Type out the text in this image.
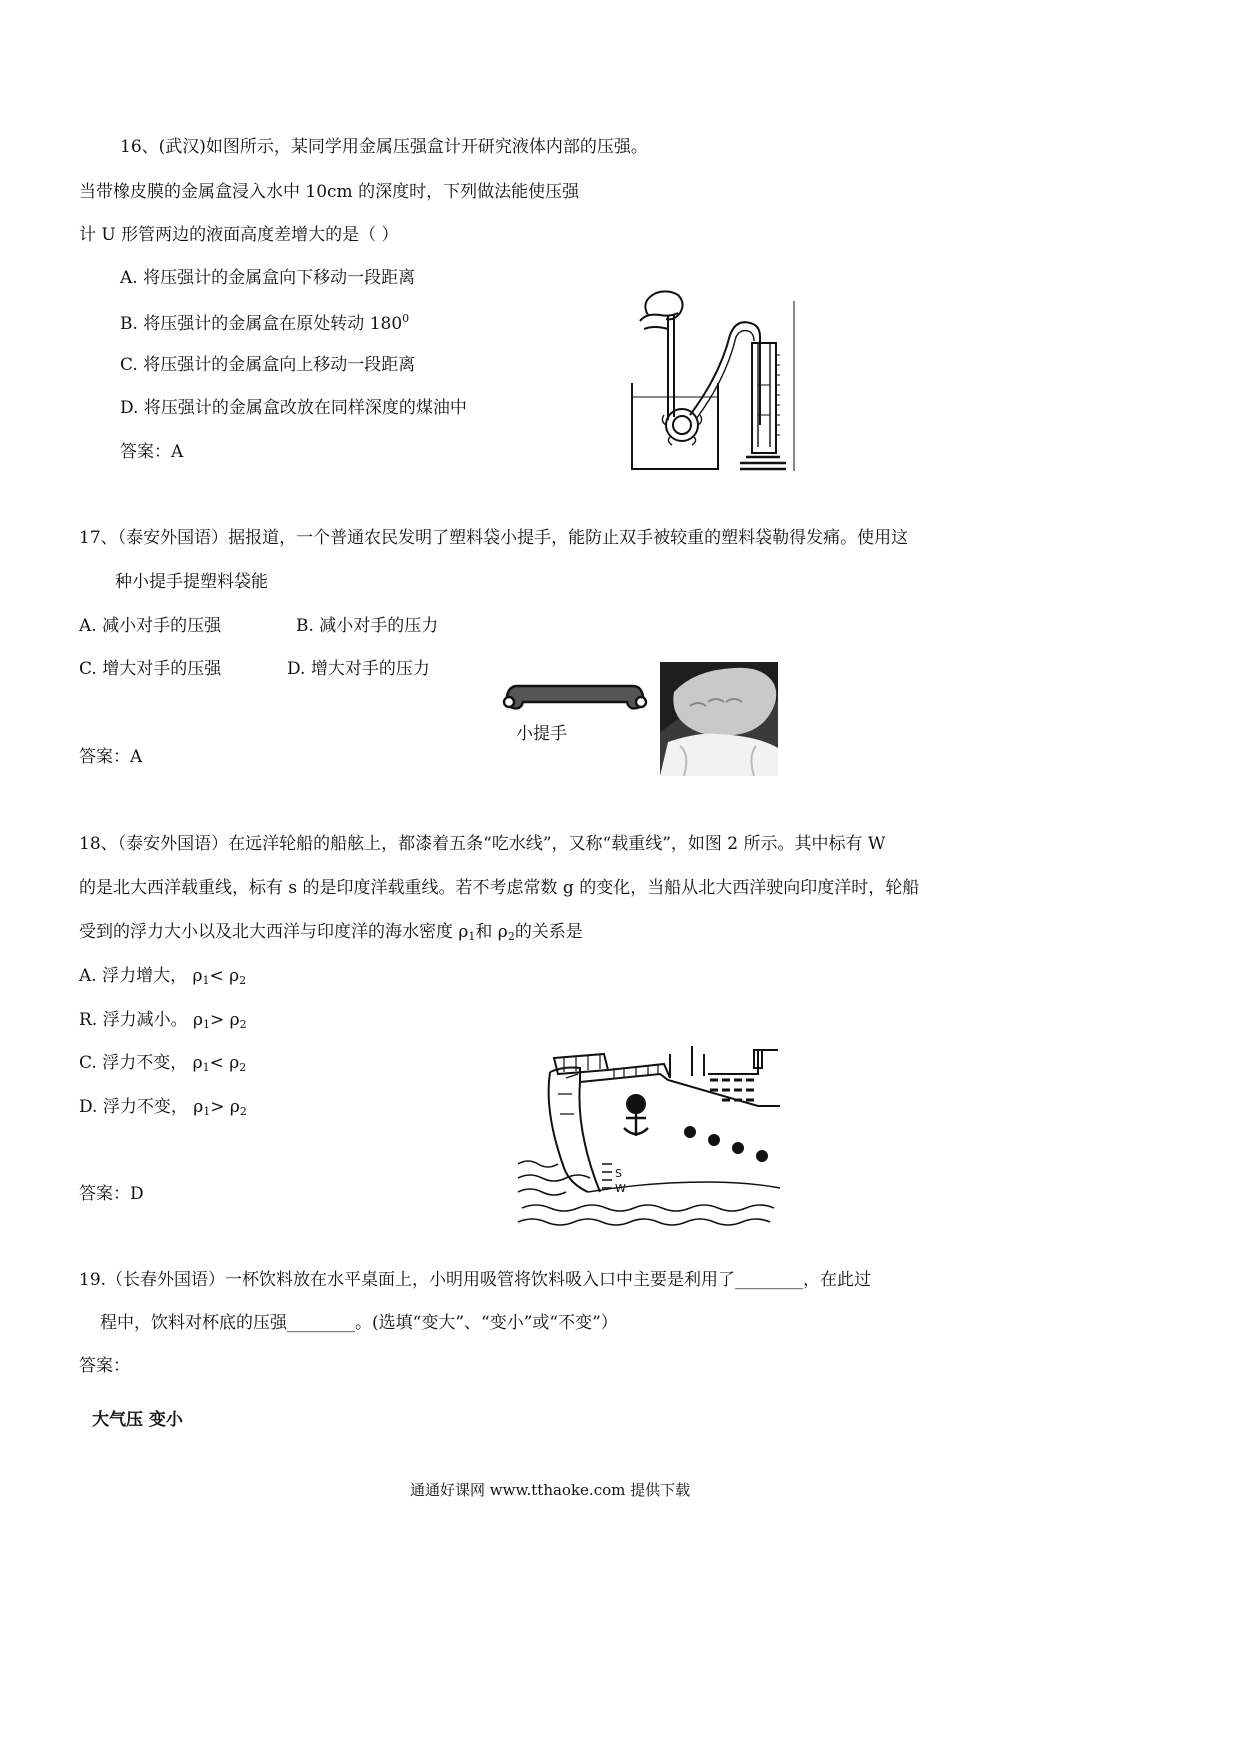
16、(武汉)如图所示，某同学用金属压强盒计开研究液体内部的压强。
当带橡皮膜的金属盒浸入水中 10cm 的深度时，下列做法能使压强
计 U 形管两边的液面高度差增大的是（ ）
A. 将压强计的金属盒向下移动一段距离
B. 将压强计的金属盒在原处转动 $180^0$
C. 将压强计的金属盒向上移动一段距离
D. 将压强计的金属盒改放在同样深度的煤油中
答案：A
17、（泰安外国语）据报道，一个普通农民发明了塑料袋小提手，能防止双手被较重的塑料袋勒得发痛。使用这
种小提手提塑料袋能
A. 减小对手的压强	B. 减小对手的压力
C. 增大对手的压强	D. 增大对手的压力
答案：A
小提手
18、（泰安外国语）在远洋轮船的船舷上，都漆着五条“吃水线”，又称“载重线”，如图 2 所示。其中标有 W
的是北大西洋载重线，标有 s 的是印度洋载重线。若不考虑常数 g 的变化，当船从北大西洋驶向印度洋时，轮船
受到的浮力大小以及北大西洋与印度洋的海水密度 $\rho_1$和 $\rho_2$的关系是
A. 浮力增大， $\rho_1< \rho_2$
R. 浮力减小。 $\rho_1> \rho_2$
C. 浮力不变， $\rho_1< \rho_2$
D. 浮力不变， $\rho_1> \rho_2$
答案：D
S
W
19.（长春外国语）一杯饮料放在水平桌面上，小明用吸管将饮料吸入口中主要是利用了________，在此过
程中，饮料对杯底的压强________。(选填“变大”、“变小”或“不变”）
答案：
大气压 变小
通通好课网 www.tthaoke.com 提供下载
